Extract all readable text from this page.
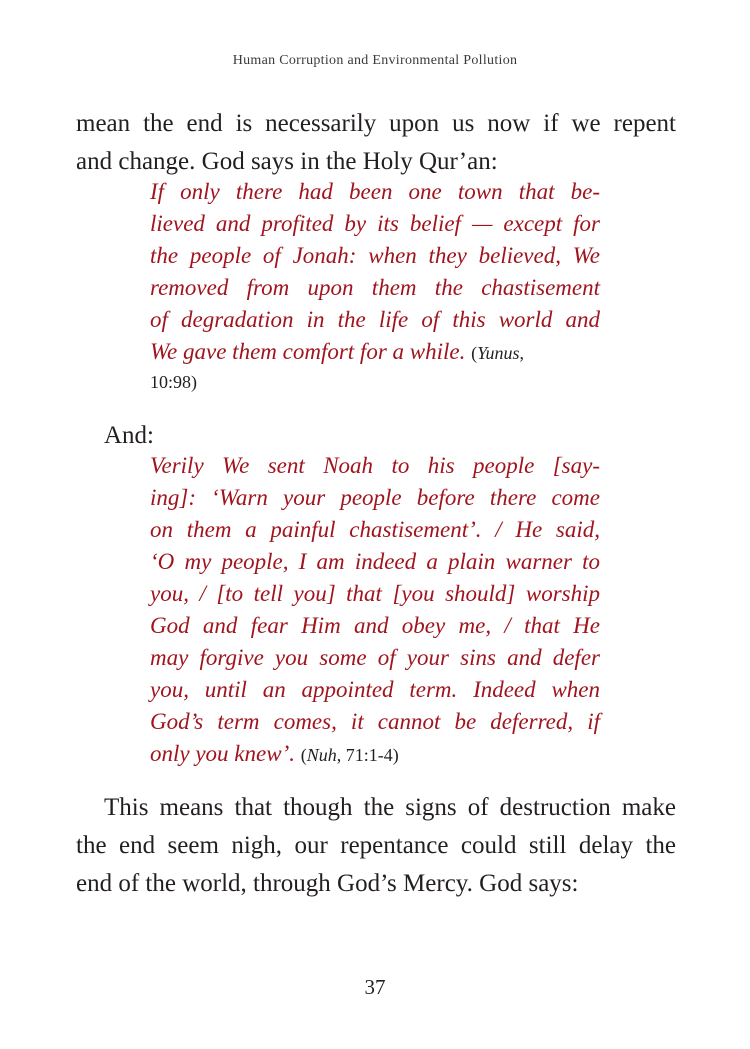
Human Corruption and Environmental Pollution
mean the end is necessarily upon us now if we repent
and change. God says in the Holy Qur’an:
If only there had been one town that be-
lieved and profited by its belief — except for
the people of Jonah: when they believed, We
removed from upon them the chastisement
of degradation in the life of this world and
We gave them comfort for a while. (Yunus,
10:98)
And:
Verily We sent Noah to his people [say-
ing]: ‘Warn your people before there come
on them a painful chastisement’. / He said,
‘O my people, I am indeed a plain warner to
you, / [to tell you] that [you should] worship
God and fear Him and obey me, / that He
may forgive you some of your sins and defer
you, until an appointed term. Indeed when
God’s term comes, it cannot be deferred, if
only you knew’. (Nuh, 71:1-4)
This means that though the signs of destruction make
the end seem nigh, our repentance could still delay the
end of the world, through God’s Mercy. God says:
37
